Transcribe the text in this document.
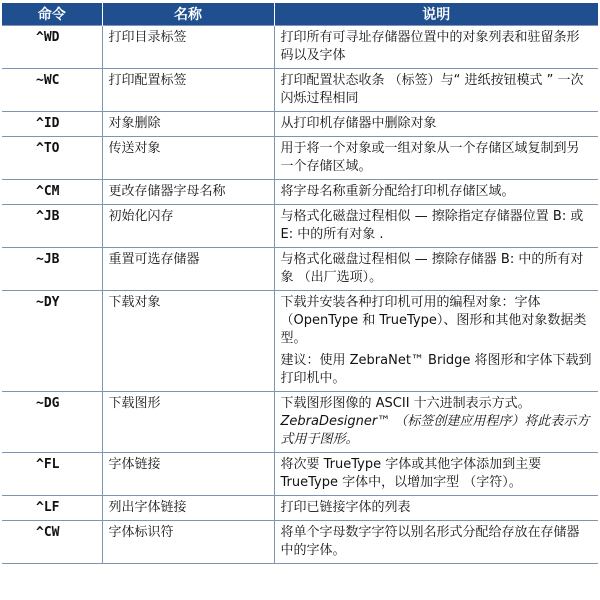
命令	名称	说明
^WD	打印目录标签	打印所有可寻址存储器位置中的对象列表和驻留条形码以及字体

~WC	打印配置标签	打印配置状态收条 （标签）与“ 进纸按钮模式 ” 一次闪烁过程相同

^ID	对象删除	从打印机存储器中删除对象

^TO	传送对象	用于将一个对象或一组对象从一个存储区域复制到另一个存储区域。

^CM	更改存储器字母名称	将字母名称重新分配给打印机存储区域。

^JB	初始化闪存	与格式化磁盘过程相似 — 擦除指定存储器位置 B: 或 E: 中的所有对象 .

~JB	重置可选存储器	与格式化磁盘过程相似 — 擦除存储器 B: 中的所有对象 （出厂选项）。

~DY	下载对象	下载并安装各种打印机可用的编程对象：字体 （OpenType 和 TrueType）、图形和其他对象数据类型。

建议：使用 ZebraNet™ Bridge 将图形和字体下载到打印机中。

~DG	下载图形	下载图形图像的 ASCII 十六进制表示方式。

ZebraDesigner™ （标签创建应用程序）将此表示方式用于图形。

^FL	字体链接	将次要 TrueType 字体或其他字体添加到主要 TrueType 字体中，以增加字型 （字符）。

^LF	列出字体链接	打印已链接字体的列表

^CW	字体标识符	将单个字母数字字符以别名形式分配给存放在存储器中的字体。
